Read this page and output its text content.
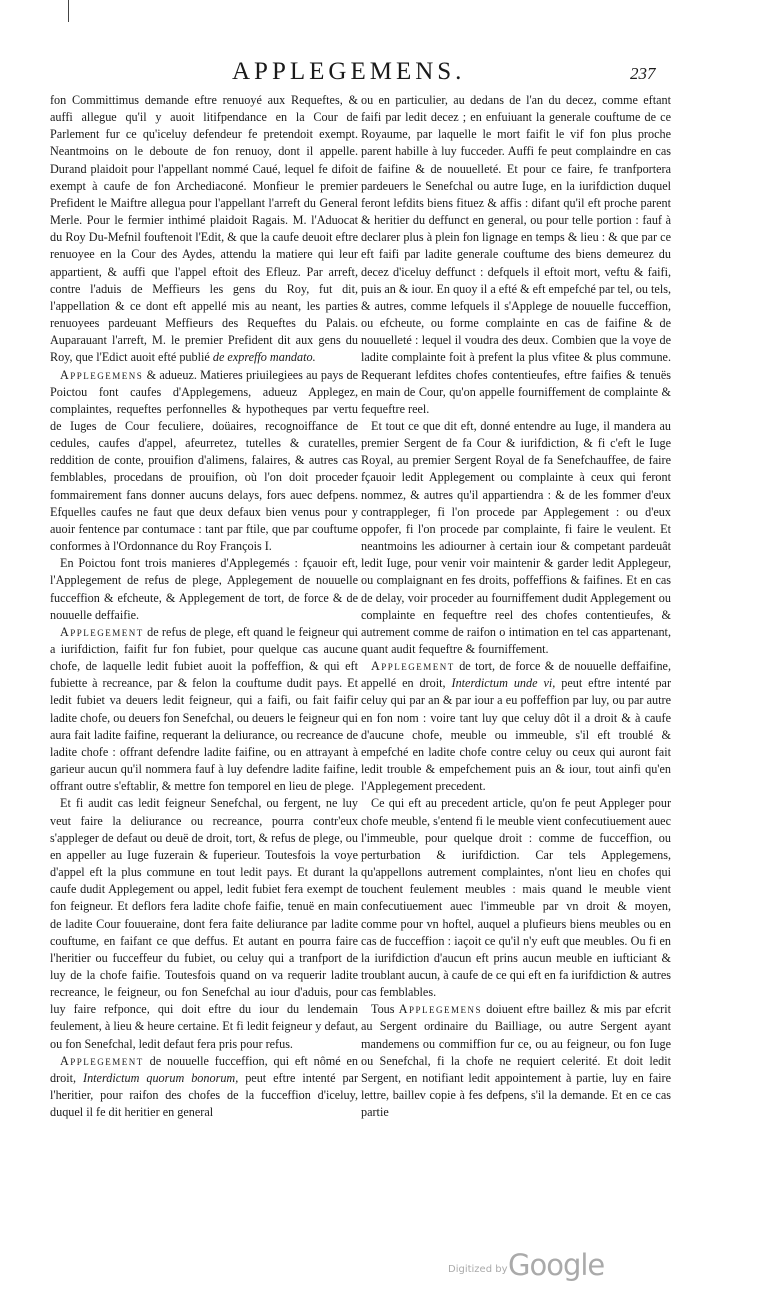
APPLEGEMENS.	237

fon Committimus demande eftre renuoyé aux Requeftes, & auffi allegue qu'il y auoit litifpendance en la Cour de Parlement fur ce qu'iceluy defendeur fe pretendoit exempt. Neantmoins on le deboute de fon renuoy, dont il appelle. Durand plaidoit pour l'appellant nommé Caué, lequel fe difoit exempt à caufe de fon Archediaconé. Monfieur le premier Prefident le Maiftre allegua pour l'appellant l'arreft du General Merle. Pour le fermier inthimé plaidoit Ragais. M. l'Aduocat du Roy Du-Mefnil fouftenoit l'Edit, & que la caufe deuoit eftre renuoyee en la Cour des Aydes, attendu la matiere qui leur appartient, & auffi que l'appel eftoit des Efleuz. Par arreft, contre l'aduis de Meffieurs les gens du Roy, fut dit, l'appellation & ce dont eft appellé mis au neant, les parties renuoyees pardeuant Meffieurs des Requeftes du Palais. Auparauant l'arreft, M. le premier Prefident dit aux gens du Roy, que l'Edict auoit efté publié de expreffo mandato.

Applegemens & adueuz. Matieres priuilegiees au pays de Poictou font caufes d'Applegemens, adueuz Applegez, complaintes, requeftes perfonnelles & hypotheques par vertu de Iuges de Cour feculiere, doüaires, recognoiffance de cedules, caufes d'appel, afeurretez, tutelles & curatelles, reddition de conte, prouifion d'alimens, falaires, & autres cas femblables, procedans de prouifion, où l'on doit proceder fommairement fans donner aucuns delays, fors auec defpens. Efquelles caufes ne faut que deux defaux bien venus pour y auoir fentence par contumace : tant par ftile, que par couftume conformes à l'Ordonnance du Roy François I.

En Poictou font trois manieres d'Applegemés : fçauoir eft, l'Applegement de refus de plege, Applegement de nouuelle fucceffion & efcheute, & Applegement de tort, de force & de nouuelle deffaifie.

Applegement de refus de plege, eft quand le feigneur qui a iurifdiction, faifit fur fon fubiet, pour quelque cas aucune chofe, de laquelle ledit fubiet auoit la poffeffion, & qui eft fubiette à recreance, par & felon la couftume dudit pays. Et ledit fubiet va deuers ledit feigneur, qui a faifi, ou fait faifir ladite chofe, ou deuers fon Senefchal, ou deuers le feigneur qui aura fait ladite faifine, requerant la deliurance, ou recreance de ladite chofe : offrant defendre ladite faifine, ou en attrayant à garieur aucun qu'il nommera fauf à luy defendre ladite faifine, offrant outre s'eftablir, & mettre fon temporel en lieu de plege.

Et fi audit cas ledit feigneur Senefchal, ou fergent, ne luy veut faire la deliurance ou recreance, pourra contr'eux s'appleger de defaut ou deuë de droit, tort, & refus de plege, ou en appeller au Iuge fuzerain & fuperieur. Toutesfois la voye d'appel eft la plus commune en tout ledit pays. Et durant la caufe dudit Applegement ou appel, ledit fubiet fera exempt de fon feigneur. Et deflors fera ladite chofe faifie, tenuë en main de ladite Cour fouueraine, dont fera faite deliurance par ladite couftume, en faifant ce que deffus. Et autant en pourra faire l'heritier ou fucceffeur du fubiet, ou celuy qui a tranfport de luy de la chofe faifie. Toutesfois quand on va requerir ladite recreance, le feigneur, ou fon Senefchal au iour d'aduis, pour luy faire refponce, qui doit eftre du iour du lendemain feulement, à lieu & heure certaine. Et fi ledit feigneur y defaut, ou fon Senefchal, ledit defaut fera pris pour refus.

Applegement de nouuelle fucceffion, qui eft nômé en droit, Interdictum quorum bonorum, peut eftre intenté par l'heritier, pour raifon des chofes de la fucceffion d'iceluy, duquel il fe dit heritier en general

ou en particulier, au dedans de l'an du decez, comme eftant faifi par ledit decez ; en enfuiuant la generale couftume de ce Royaume, par laquelle le mort faifit le vif fon plus proche parent habille à luy fucceder. Auffi fe peut complaindre en cas de faifine & de nouuelleté. Et pour ce faire, fe tranfportera pardeuers le Senefchal ou autre Iuge, en la iurifdiction duquel feront lefdits biens fituez & affis : difant qu'il eft proche parent & heritier du deffunct en general, ou pour telle portion : fauf à declarer plus à plein fon lignage en temps & lieu : & que par ce eft faifi par ladite generale couftume des biens demeurez du decez d'iceluy deffunct : defquels il eftoit mort, veftu & faifi, puis an & iour. En quoy il a efté & eft empefché par tel, ou tels, & autres, comme lefquels il s'Applege de nouuelle fucceffion, ou efcheute, ou forme complainte en cas de faifine & de nouuelleté : lequel il voudra des deux. Combien que la voye de ladite complainte foit à prefent la plus vfitee & plus commune. Requerant lefdites chofes contentieufes, eftre faifies & tenuës en main de Cour, qu'on appelle fourniffement de complainte & fequeftre reel.

Et tout ce que dit eft, donné entendre au Iuge, il mandera au premier Sergent de fa Cour & iurifdiction, & fi c'eft le Iuge Royal, au premier Sergent Royal de fa Senefchauffee, de faire fçauoir ledit Applegement ou complainte à ceux qui feront nommez, & autres qu'il appartiendra : & de les fommer d'eux contrappleger, fi l'on procede par Applegement : ou d'eux oppofer, fi l'on procede par complainte, fi faire le veulent. Et neantmoins les adiourner à certain iour & competant pardeuât ledit Iuge, pour venir voir maintenir & garder ledit Applegeur, ou complaignant en fes droits, poffeffions & faifines. Et en cas de delay, voir proceder au fourniffement dudit Applegement ou complainte en fequeftre reel des chofes contentieufes, & autrement comme de raifon o intimation en tel cas appartenant, quant audit fequeftre & fourniffement.

Applegement de tort, de force & de nouuelle deffaifine, appellé en droit, Interdictum unde vi, peut eftre intenté par celuy qui par an & par iour a eu poffeffion par luy, ou par autre en fon nom : voire tant luy que celuy dôt il a droit & à caufe d'aucune chofe, meuble ou immeuble, s'il eft troublé & empefché en ladite chofe contre celuy ou ceux qui auront fait ledit trouble & empefchement puis an & iour, tout ainfi qu'en l'Applegement precedent.

Ce qui eft au precedent article, qu'on fe peut Appleger pour chofe meuble, s'entend fi le meuble vient confecutiuement auec l'immeuble, pour quelque droit : comme de fucceffion, ou perturbation & iurifdiction. Car tels Applegemens, qu'appellons autrement complaintes, n'ont lieu en chofes qui touchent feulement meubles : mais quand le meuble vient confecutiuement auec l'immeuble par vn droit & moyen, comme pour vn hoftel, auquel a plufieurs biens meubles ou en cas de fucceffion : iaçoit ce qu'il n'y euft que meubles. Ou fi en la iurifdiction d'aucun eft prins aucun meuble en iufticiant & troublant aucun, à caufe de ce qui eft en fa iurifdiction & autres cas femblables.

Tous Applegemens doiuent eftre baillez & mis par efcrit au Sergent ordinaire du Bailliage, ou autre Sergent ayant mandemens ou commiffion fur ce, ou au feigneur, ou fon Iuge ou Senefchal, fi la chofe ne requiert celerité. Et doit ledit Sergent, en notifiant ledit appointement à partie, luy en faire lettre, baillev copie à fes defpens, s'il la demande. Et en ce cas partie

Digitized by Google
